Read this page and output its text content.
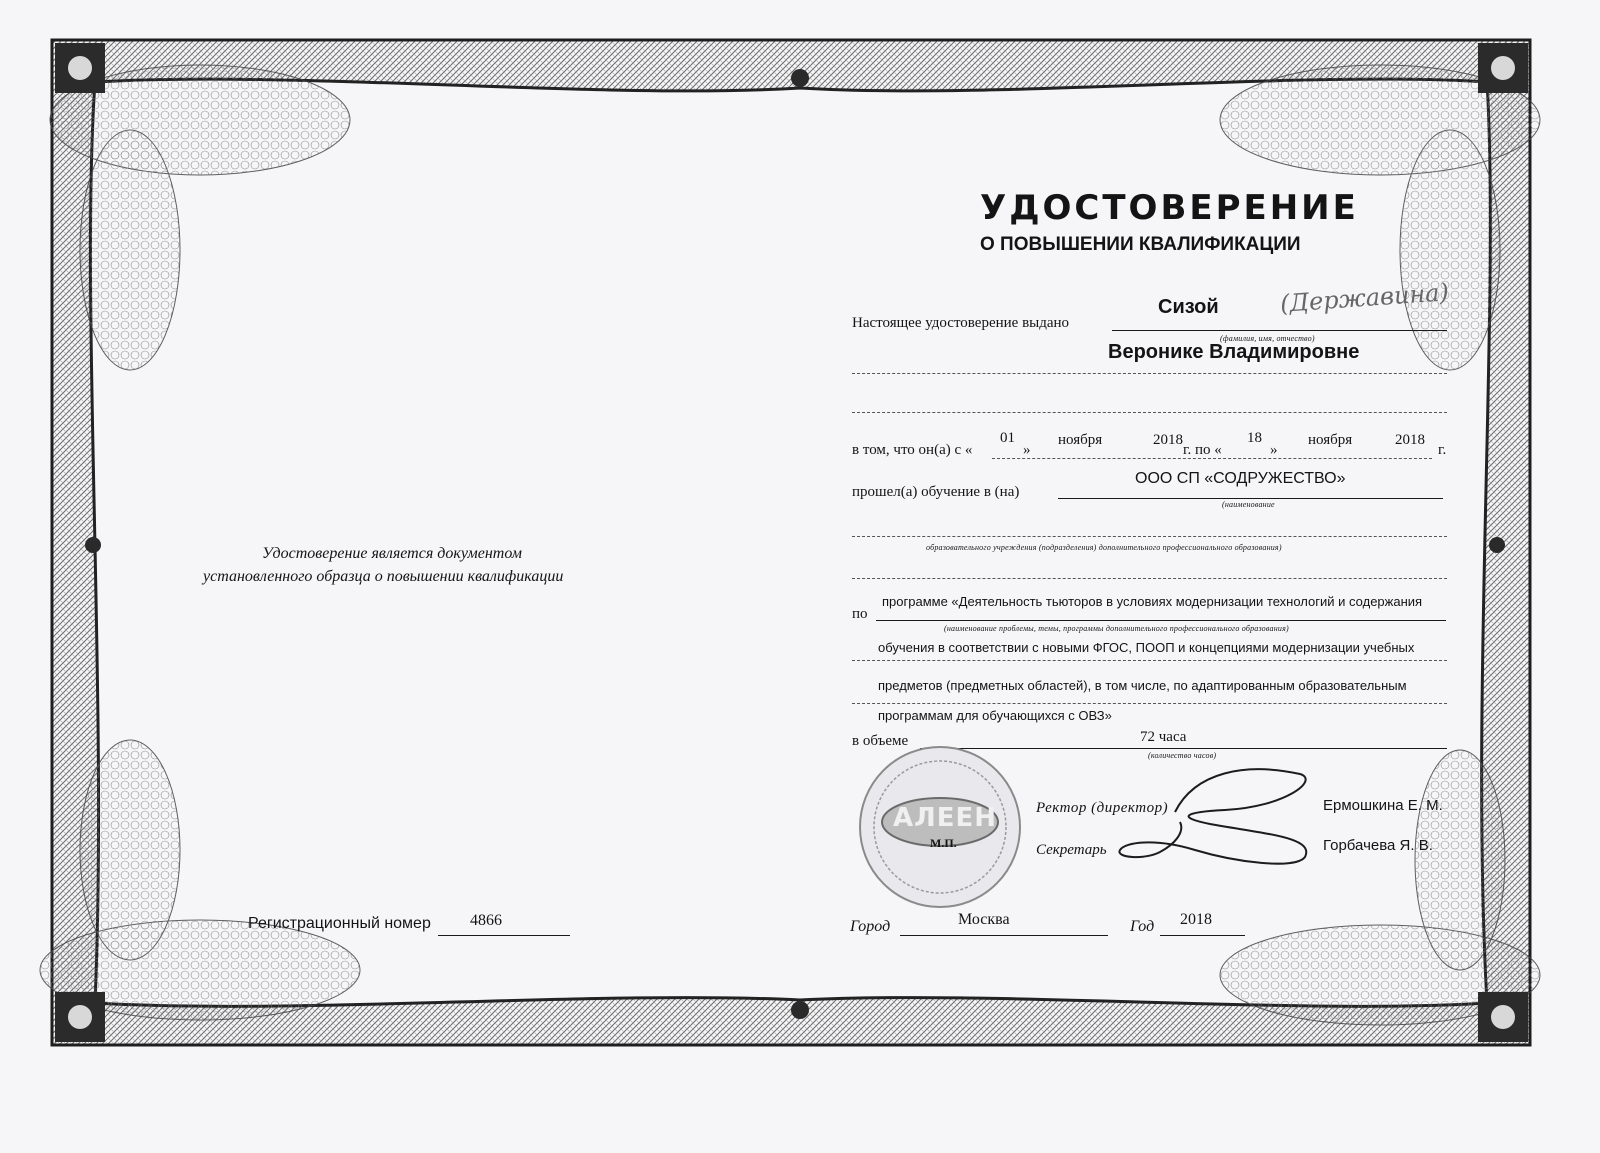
(Державина)
УДОСТОВЕРЕНИЕ
О ПОВЫШЕНИИ КВАЛИФИКАЦИИ
Удостоверение является документом
установленного образца о повышении квалификации
Регистрационный номер 4866
Настоящее удостоверение выдано
Сизой
(фамилия, имя, отчество)
Веронике Владимировне
в том, что он(а) с «
01
»
ноября	2018
г. по «
18
»
ноября	2018
г.
прошел(а) обучение в (на)
ООО СП «СОДРУЖЕСТВО»
(наименование
образовательного учреждения (подразделения) дополнительного профессионального образования)
по
программе «Деятельность тьюторов в условиях модернизации технологий и содержания
(наименование проблемы, темы, программы дополнительного профессионального образования)
обучения в соответствии с новыми ФГОС, ПООП и концепциями модернизации учебных
предметов (предметных областей), в том числе, по адаптированным образовательным
программам для обучающихся с ОВЗ»
в объеме	72 часа
(количество часов)
АЛЕЕН
М.П.
Ректор (директор)	Ермошкина Е. М.
Секретарь	Горбачева Я. В.
Город	Москва	Год 2018
